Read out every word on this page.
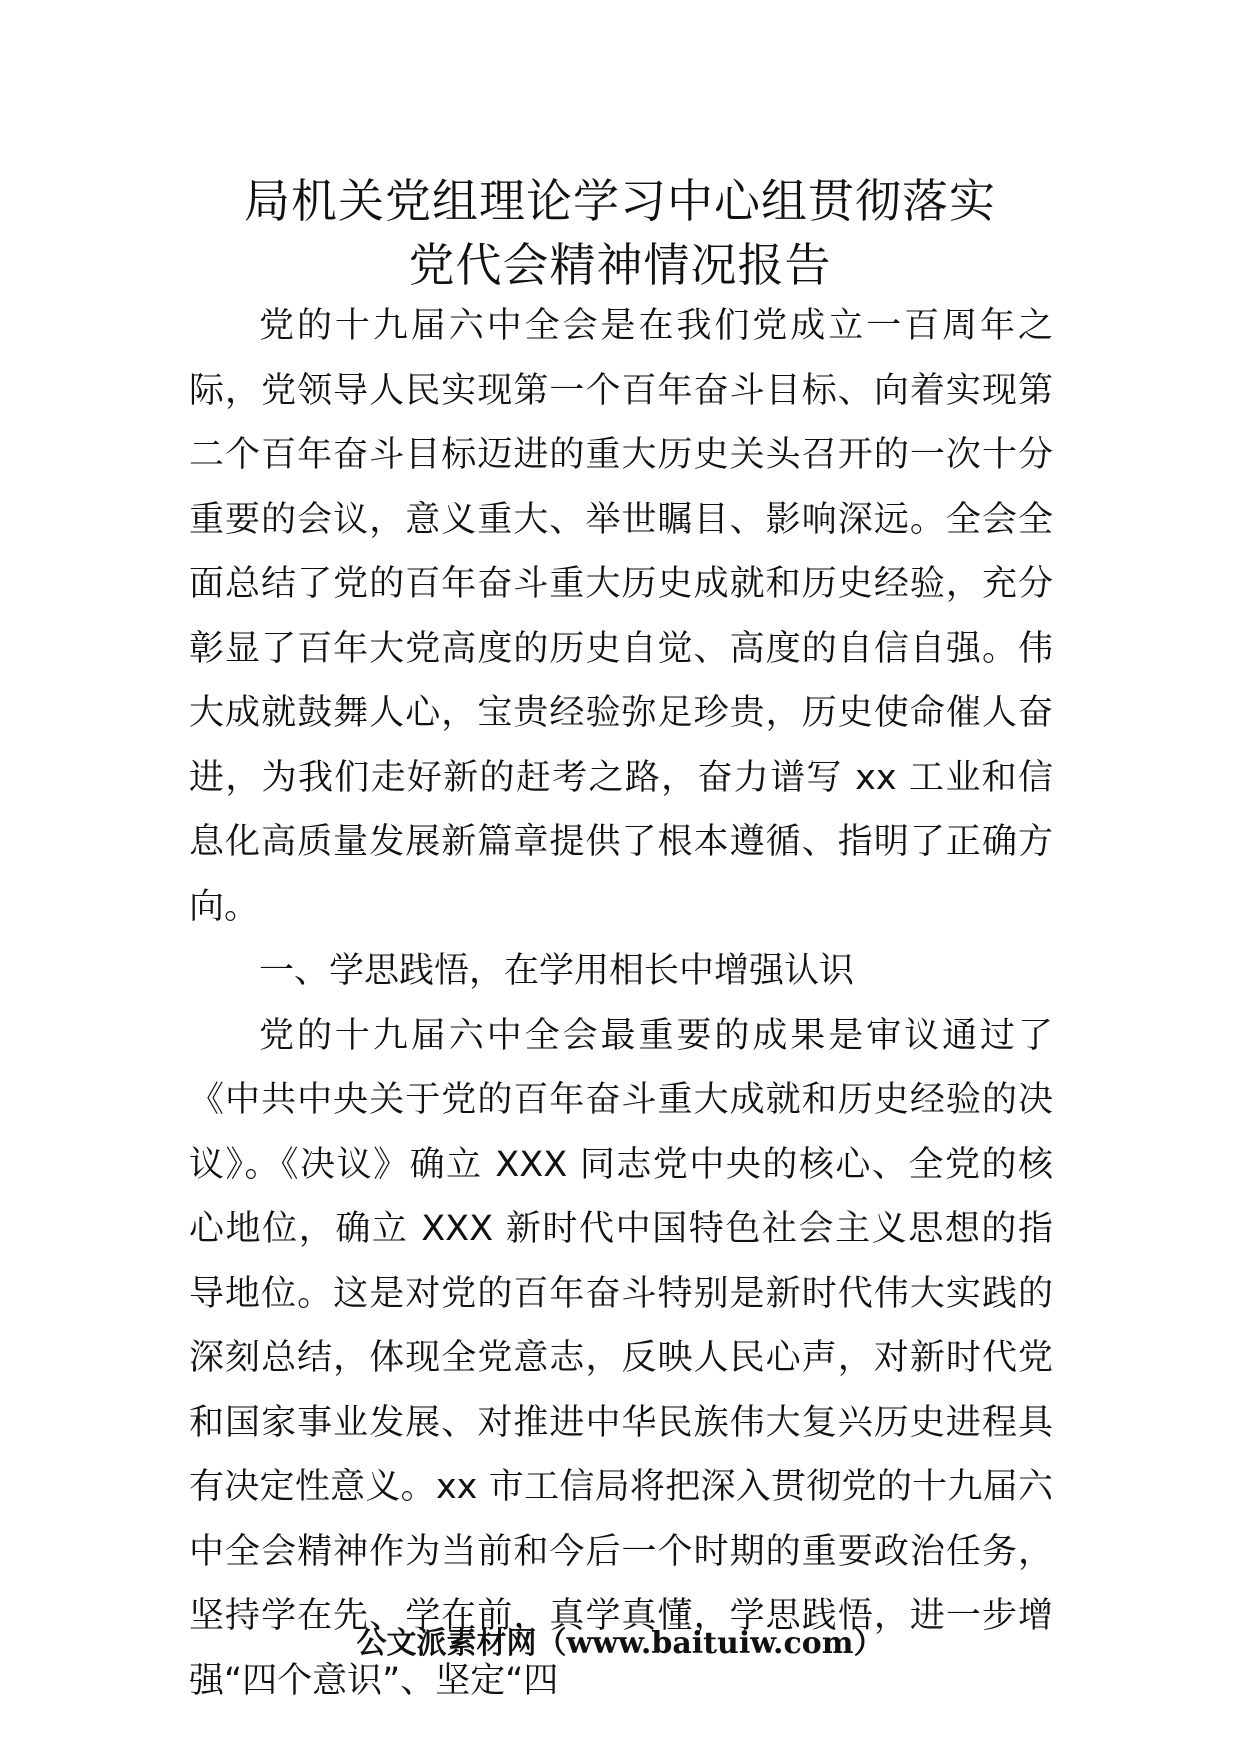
局机关党组理论学习中心组贯彻落实
党代会精神情况报告

党的十九届六中全会是在我们党成立一百周年之际，党领导人民实现第一个百年奋斗目标、向着实现第二个百年奋斗目标迈进的重大历史关头召开的一次十分重要的会议，意义重大、举世瞩目、影响深远。全会全面总结了党的百年奋斗重大历史成就和历史经验，充分彰显了百年大党高度的历史自觉、高度的自信自强。伟大成就鼓舞人心，宝贵经验弥足珍贵，历史使命催人奋进，为我们走好新的赶考之路，奋力谱写 xx 工业和信息化高质量发展新篇章提供了根本遵循、指明了正确方向。

一、学思践悟，在学用相长中增强认识

党的十九届六中全会最重要的成果是审议通过了《中共中央关于党的百年奋斗重大成就和历史经验的决议》。《决议》确立 XXX 同志党中央的核心、全党的核心地位，确立 XXX 新时代中国特色社会主义思想的指导地位。这是对党的百年奋斗特别是新时代伟大实践的深刻总结，体现全党意志，反映人民心声，对新时代党和国家事业发展、对推进中华民族伟大复兴历史进程具有决定性意义。xx 市工信局将把深入贯彻党的十九届六中全会精神作为当前和今后一个时期的重要政治任务，坚持学在先、学在前，真学真懂，学思践悟，进一步增强“四个意识”、坚定“四

公文派素材网（www.baituiw.com）
